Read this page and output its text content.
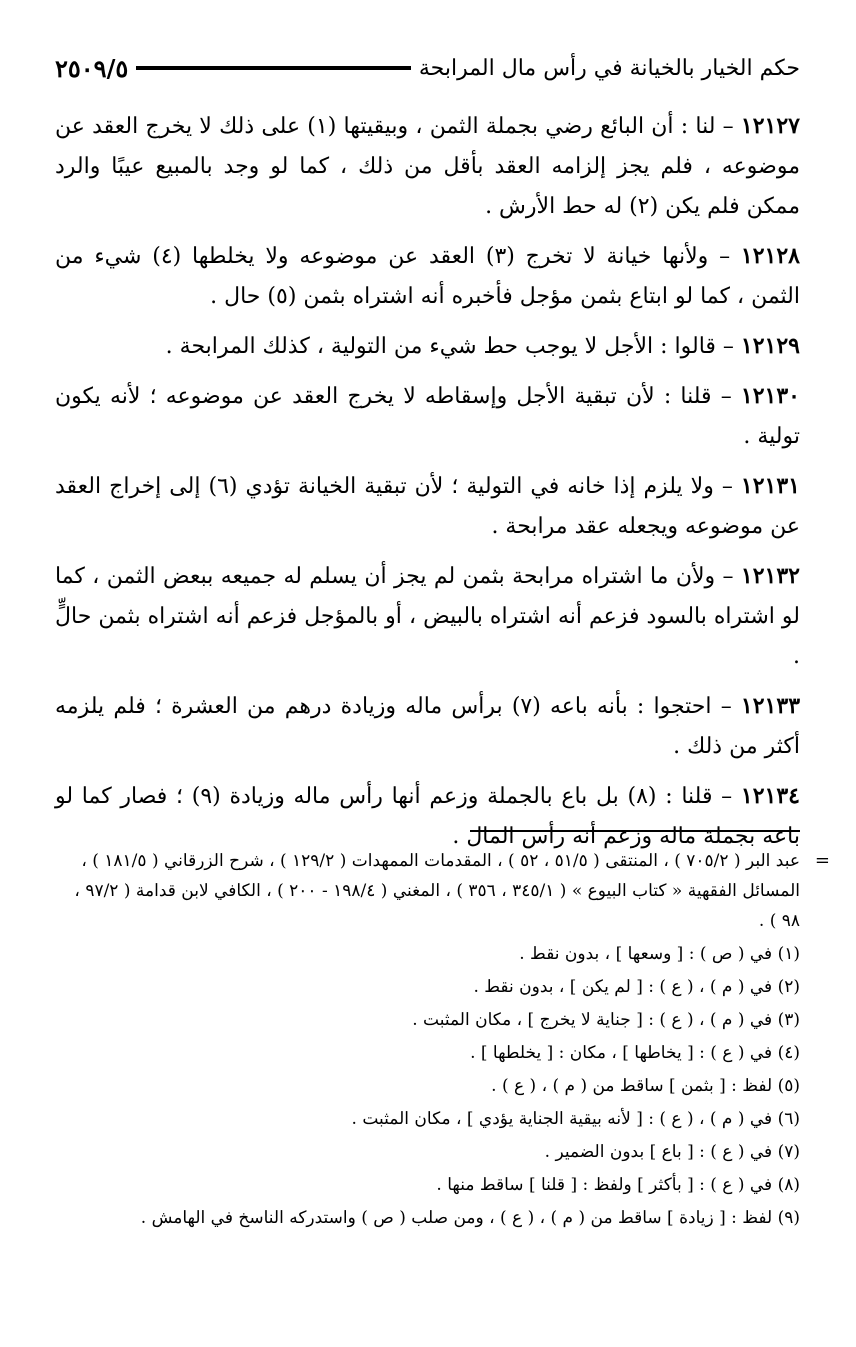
حكم الخيار بالخيانة في رأس مال المرابحة
٢٥٠٩/٥

١٢١٢٧ – لنا : أن البائع رضي بجملة الثمن ، وبيقيتها (١) على ذلك لا يخرج العقد عن موضوعه ، فلم يجز إلزامه العقد بأقل من ذلك ، كما لو وجد بالمبيع عيبًا والرد ممكن فلم يكن (٢) له حط الأرش .

١٢١٢٨ – ولأنها خيانة لا تخرج (٣) العقد عن موضوعه ولا يخلطها (٤) شيء من الثمن ، كما لو ابتاع بثمن مؤجل فأخبره أنه اشتراه بثمن (٥) حال .

١٢١٢٩ – قالوا : الأجل لا يوجب حط شيء من التولية ، كذلك المرابحة .

١٢١٣٠ – قلنا : لأن تبقية الأجل وإسقاطه لا يخرج العقد عن موضوعه ؛ لأنه يكون تولية .

١٢١٣١ – ولا يلزم إذا خانه في التولية ؛ لأن تبقية الخيانة تؤدي (٦) إلى إخراج العقد عن موضوعه ويجعله عقد مرابحة .

١٢١٣٢ – ولأن ما اشتراه مرابحة بثمن لم يجز أن يسلم له جميعه ببعض الثمن ، كما لو اشتراه بالسود فزعم أنه اشتراه بالبيض ، أو بالمؤجل فزعم أنه اشتراه بثمن حالٍّ .

١٢١٣٣ – احتجوا : بأنه باعه (٧) برأس ماله وزيادة درهم من العشرة ؛ فلم يلزمه أكثر من ذلك .

١٢١٣٤ – قلنا : (٨) بل باع بالجملة وزعم أنها رأس ماله وزيادة (٩) ؛ فصار كما لو باعه بجملة ماله وزعم أنه رأس المال .

=
عبد البر ( ٧٠٥/٢ ) ، المنتقى ( ٥١/٥ ، ٥٢ ) ، المقدمات الممهدات ( ١٢٩/٢ ) ، شرح الزرقاني ( ١٨١/٥ ) ، المسائل الفقهية « كتاب البيوع » ( ٣٤٥/١ ، ٣٥٦ ) ، المغني ( ١٩٨/٤ - ٢٠٠ ) ، الكافي لابن قدامة ( ٩٧/٢ ، ٩٨ ) .

(١) في ( ص ) : [ وسعها ] ، بدون نقط .

(٢) في ( م ) ، ( ع ) : [ لم يكن ] ، بدون نقط .

(٣) في ( م ) ، ( ع ) : [ جناية لا يخرج ] ، مكان المثبت .

(٤) في ( ع ) : [ يخاطها ] ، مكان : [ يخلطها ] .

(٥) لفظ : [ بثمن ] ساقط من ( م ) ، ( ع ) .

(٦) في ( م ) ، ( ع ) : [ لأنه بيقية الجناية يؤدي ] ، مكان المثبت .

(٧) في ( ع ) : [ باع ] بدون الضمير .

(٨) في ( ع ) : [ بأكثر ] ولفظ : [ قلنا ] ساقط منها .

(٩) لفظ : [ زيادة ] ساقط من ( م ) ، ( ع ) ، ومن صلب ( ص ) واستدركه الناسخ في الهامش .
